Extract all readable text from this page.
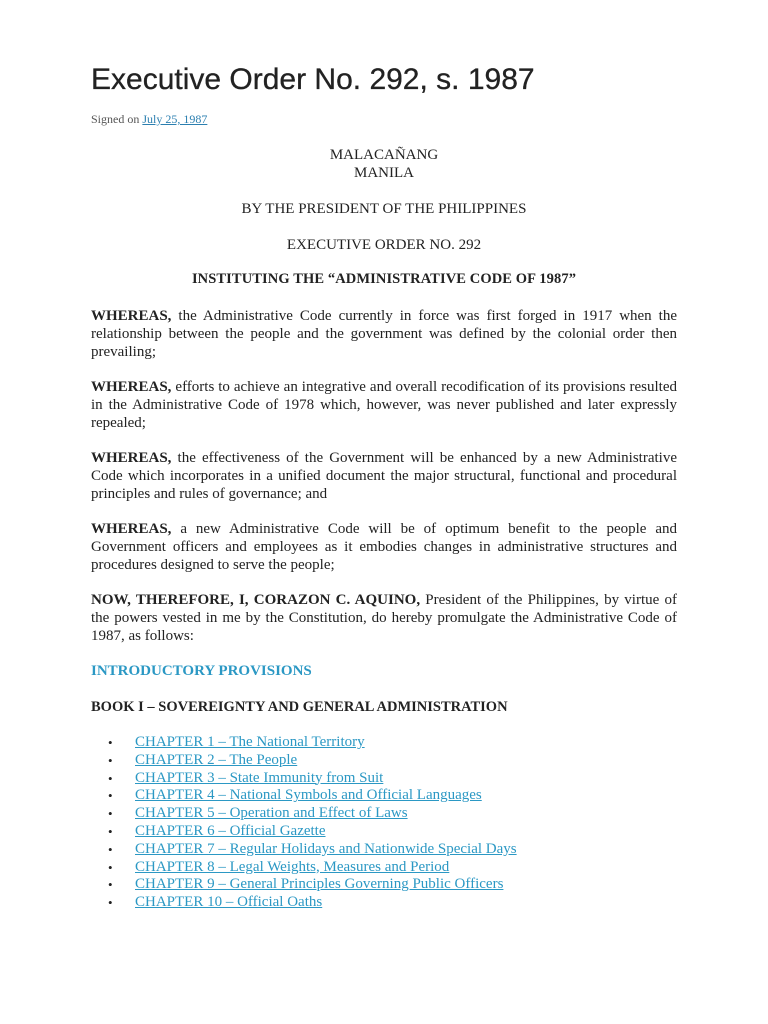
Executive Order No. 292, s. 1987
Signed on July 25, 1987
MALACAÑANG
MANILA
BY THE PRESIDENT OF THE PHILIPPINES
EXECUTIVE ORDER NO. 292
INSTITUTING THE “ADMINISTRATIVE CODE OF 1987”

WHEREAS, the Administrative Code currently in force was first forged in 1917 when the relationship between the people and the government was defined by the colonial order then prevailing;

WHEREAS, efforts to achieve an integrative and overall recodification of its provisions resulted in the Administrative Code of 1978 which, however, was never published and later expressly repealed;

WHEREAS, the effectiveness of the Government will be enhanced by a new Administrative Code which incorporates in a unified document the major structural, functional and procedural principles and rules of governance; and

WHEREAS, a new Administrative Code will be of optimum benefit to the people and Government officers and employees as it embodies changes in administrative structures and procedures designed to serve the people;

NOW, THEREFORE, I, CORAZON C. AQUINO, President of the Philippines, by virtue of the powers vested in me by the Constitution, do hereby promulgate the Administrative Code of 1987, as follows:

INTRODUCTORY PROVISIONS
BOOK I – SOVEREIGNTY AND GENERAL ADMINISTRATION
• CHAPTER 1 – The National Territory
• CHAPTER 2 – The People
• CHAPTER 3 – State Immunity from Suit
• CHAPTER 4 – National Symbols and Official Languages
• CHAPTER 5 – Operation and Effect of Laws
• CHAPTER 6 – Official Gazette
• CHAPTER 7 – Regular Holidays and Nationwide Special Days
• CHAPTER 8 – Legal Weights, Measures and Period
• CHAPTER 9 – General Principles Governing Public Officers
• CHAPTER 10 – Official Oaths
